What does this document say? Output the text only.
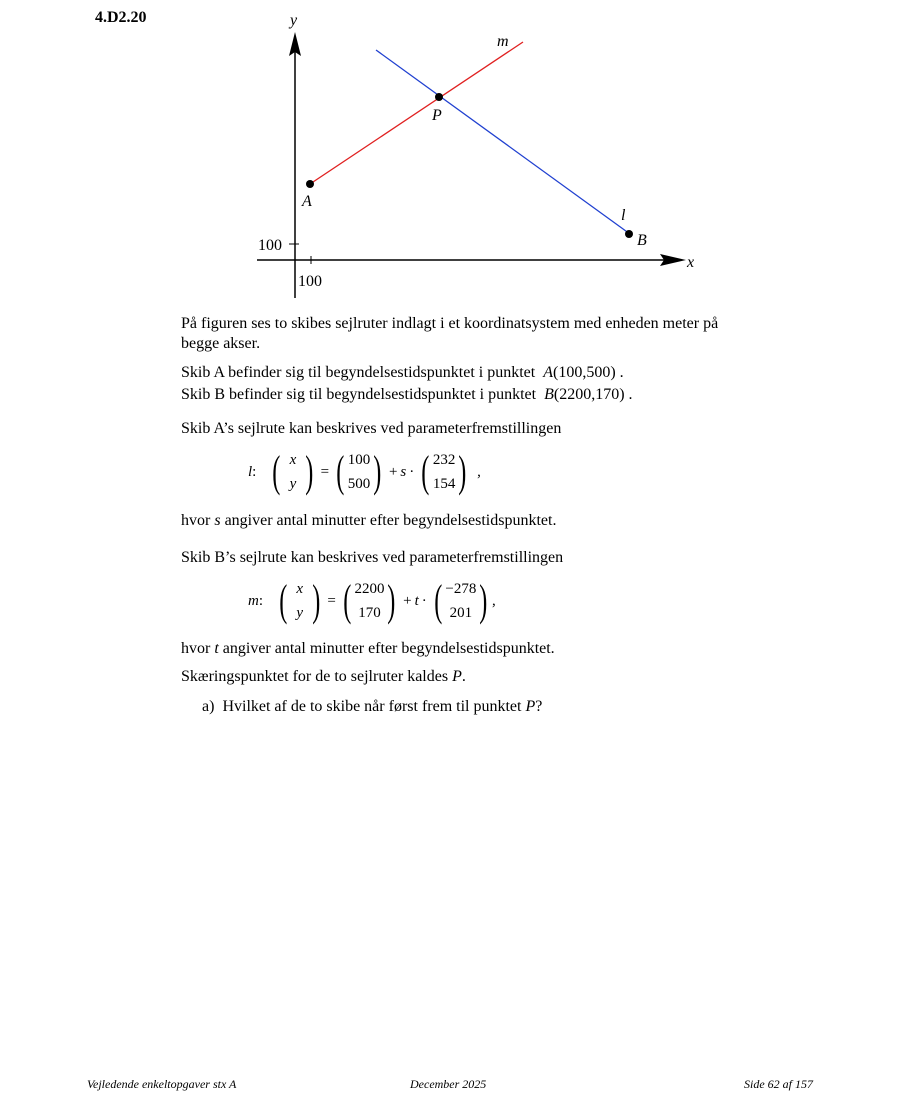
4.D2.20
x
y
100
100
A
P
B
m
l
På figuren ses to skibes sejlruter indlagt i et koordinatsystem med enheden meter på
begge akser.
Skib A befinder sig til begyndelsestidspunktet i punktet A(100,500) .
Skib B befinder sig til begyndelsestidspunktet i punktet B(2200,170) .
Skib A’s sejlrute kan beskrives ved parameterfremstillingen
l : ( x
y ) = ( 100
500 ) + s · ( 232
154 ) ,
hvor s angiver antal minutter efter begyndelsestidspunktet.
Skib B’s sejlrute kan beskrives ved parameterfremstillingen
m : ( x
y ) = ( 2200
170 ) + t · ( −278
201 ) ,
hvor t angiver antal minutter efter begyndelsestidspunktet.
Skæringspunktet for de to sejlruter kaldes P.
a) Hvilket af de to skibe når først frem til punktet P?
Vejledende enkeltopgaver stx A	December 2025	Side 62 af 157
